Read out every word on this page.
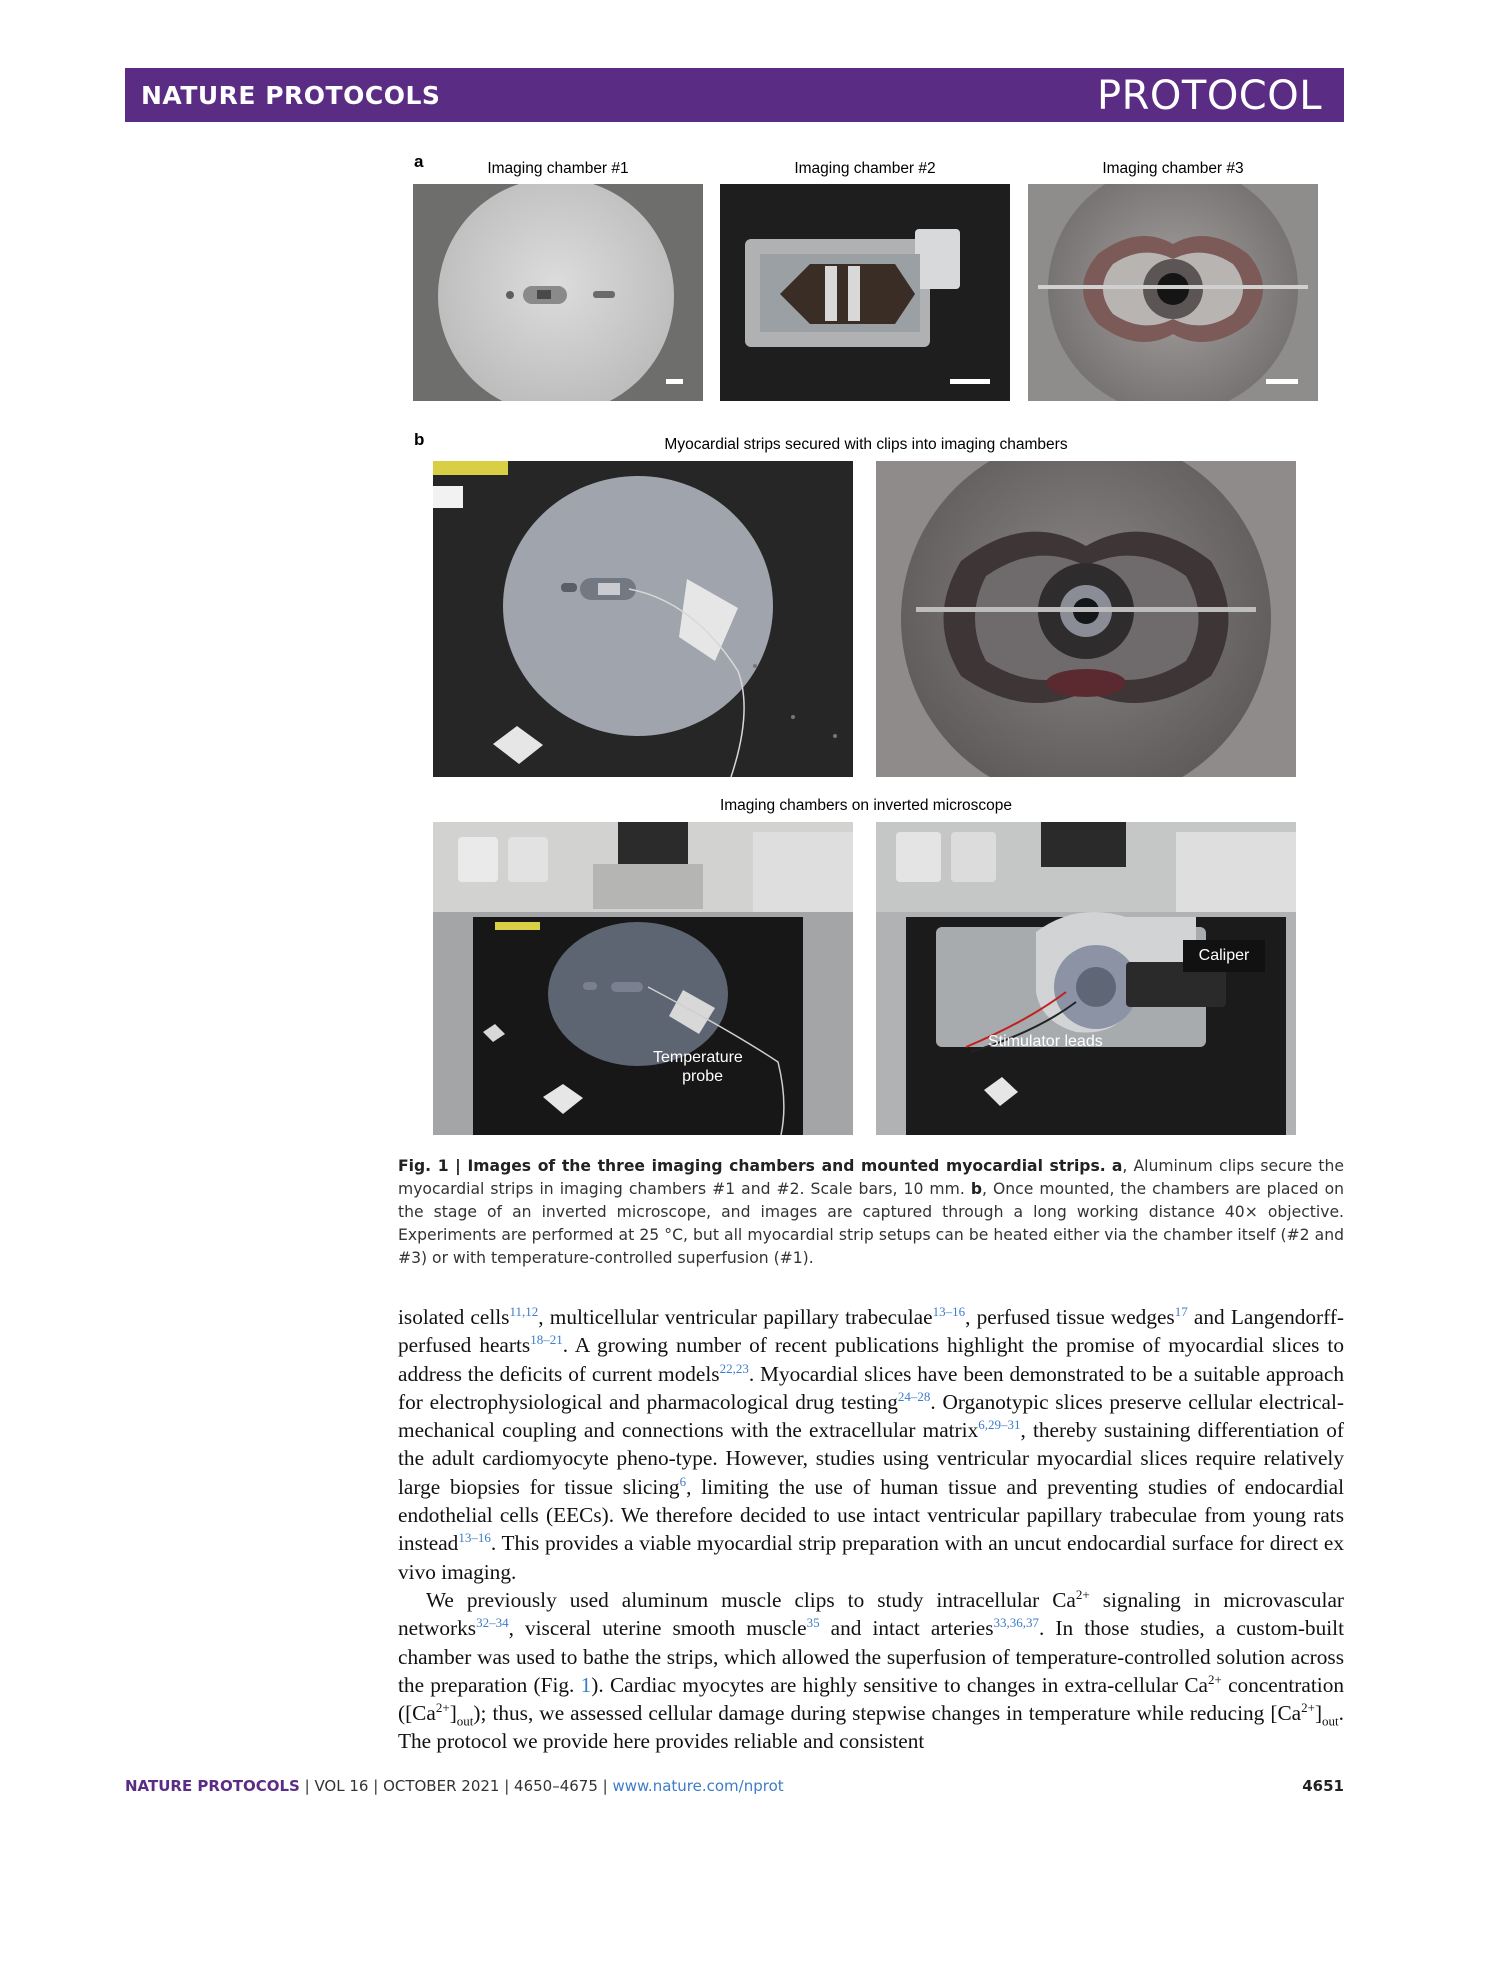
NATURE PROTOCOLS	PROTOCOL
a	Imaging chamber #1	Imaging chamber #2	Imaging chamber #3
b	Myocardial strips secured with clips into imaging chambers
Imaging chambers on inverted microscope
Temperature
probe
Stimulator leads
Caliper
Fig. 1 | Images of the three imaging chambers and mounted myocardial strips. a, Aluminum clips secure the myocardial strips in imaging chambers #1 and #2. Scale bars, 10 mm. b, Once mounted, the chambers are placed on the stage of an inverted microscope, and images are captured through a long working distance 40× objective. Experiments are performed at 25 °C, but all myocardial strip setups can be heated either via the chamber itself (#2 and #3) or with temperature-controlled superfusion (#1).

isolated cells$^{11,12}$, multicellular ventricular papillary trabeculae$^{13-16}$, perfused tissue wedges$^{17}$ and Langendorff-perfused hearts$^{18-21}$. A growing number of recent publications highlight the promise of myocardial slices to address the deficits of current models$^{22,23}$. Myocardial slices have been demonstrated to be a suitable approach for electrophysiological and pharmacological drug testing$^{24-28}$. Organotypic slices preserve cellular electrical-mechanical coupling and connections with the extracellular matrix$^{6,29-31}$, thereby sustaining differentiation of the adult cardiomyocyte pheno-type. However, studies using ventricular myocardial slices require relatively large biopsies for tissue slicing$^6$, limiting the use of human tissue and preventing studies of endocardial endothelial cells (EECs). We therefore decided to use intact ventricular papillary trabeculae from young rats instead$^{13-16}$. This provides a viable myocardial strip preparation with an uncut endocardial surface for direct ex vivo imaging.

We previously used aluminum muscle clips to study intracellular $Ca^{2+}$ signaling in microvascular networks$^{32-34}$, visceral uterine smooth muscle$^{35}$ and intact arteries$^{33,36,37}$. In those studies, a custom-built chamber was used to bathe the strips, which allowed the superfusion of temperature-controlled solution across the preparation (Fig. 1). Cardiac myocytes are highly sensitive to changes in extra-cellular $Ca^{2+}$ concentration $([Ca^{2+}]_{out})$; thus, we assessed cellular damage during stepwise changes in temperature while reducing $[Ca^{2+}]_{out}$. The protocol we provide here provides reliable and consistent

NATURE PROTOCOLS | VOL 16 | OCTOBER 2021 | 4650–4675 | www.nature.com/nprot	4651
